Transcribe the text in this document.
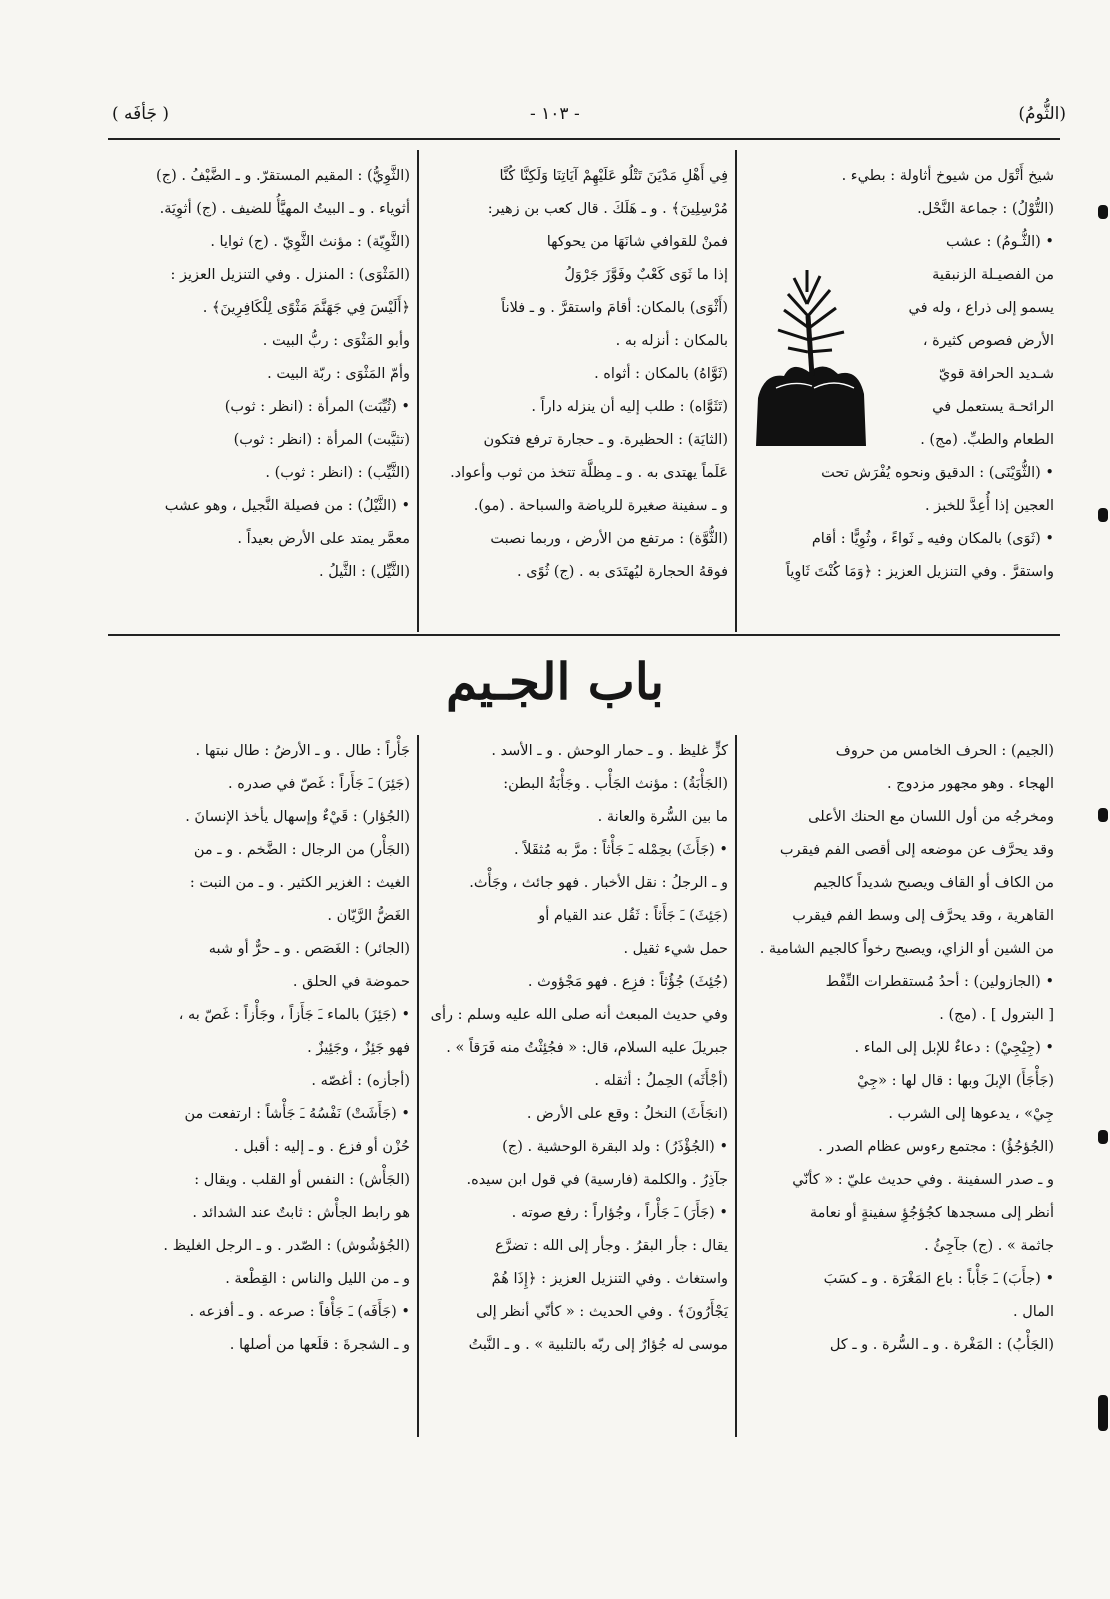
(الثُّومُ)
- ١٠٣ -
( جَأفَه )

شيخ أَتْوَل من شيوخ أثاولة : بطيء .

(التُّوْلُ) : جماعة النَّحْل.

• (الثُّـومُ) : عشب

من الفصيـلة الزنبقية

يسمو إلى ذراع ، وله في

الأرض فصوص كثيرة ،

شـديد الحرافة قويّ

الرائحـة يستعمل في

الطعام والطبِّ. (مج) .

• (الثُّوَيْنَى) : الدقيق ونحوه يُفْرَش تحت

العجين إذا أُعِدَّ للخبز .

• (ثَوَى) بالمكان وفيه ـِ ثَواءً ، وثُوِيًّا : أقام

واستقرَّ . وفي التنزيل العزيز : ﴿وَمَا كُنْتَ ثَاوِياً

فِي أَهْلِ مَدْيَنَ تَتْلُو عَلَيْهِمْ آيَاتِنَا وَلَكِنَّا كُنَّا

مُرْسِلِينَ﴾ . و ـ هَلَكَ . قال كعب بن زهير:

فمنْ للقوافي شانَهَا من يحوكها

إذا ما ثَوَى كَعْبٌ وفَوَّزَ جَرْوَلُ

(أَثْوَى) بالمكان: أقامَ واستقرَّ . و ـ فلاناً

بالمكان : أنزله به .

(ثَوَّاهُ) بالمكان : أثواه .

(تَثَوَّاه) : طلب إليه أن ينزله داراً .

(الثايَة) : الحظيرة. و ـ حجارة ترفع فتكون

عَلَماً يهتدى به . و ـ مِظلَّة تتخذ من ثوب وأعواد.

و ـ سفينة صغيرة للرياضة والسباحة . (مو).

(الثُّوَّة) : مرتفع من الأرض ، وربما نصبت

فوقهُ الحجارة ليُهتَدَى به . (ج) ثُوًى .

(الثَّوِيُّ) : المقيم المستقرّ. و ـ الضَّيْفُ . (ج)

أثوياء . و ـ البيتُ المهيَّأُ للضيف . (ج) أثوِيَة.

(الثَّوِيّة) : مؤنث الثَّوِيّ . (ج) ثوايا .

(المَثْوَى) : المنزل . وفي التنزيل العزيز :

﴿أَلَيْسَ فِي جَهَنَّمَ مَثْوًى لِلْكَافِرِينَ﴾ .

وأبو المَثْوَى : ربُّ البيت .

وأمّ المَثْوَى : ربّة البيت .

• (ثُيِّبَت) المرأة : (انظر : ثوب)

(تثيَّبت) المرأة : (انظر : ثوب)

(الثَّيِّب) : (انظر : ثوب) .

• (الثَّيْلُ) : من فصيلة النَّجيل ، وهو عشب

معمَّر يمتد على الأرض بعيداً .

(الثَّيِّل) : الثَّيلُ .

باب الجـيم

(الجيم) : الحرف الخامس من حروف

الهجاء . وهو مجهور مزدوج .

ومخرجُه من أول اللسان مع الحنك الأعلى

وقد يحرَّف عن موضعه إلى أقصى الفم فيقرب

من الكاف أو القاف ويصبح شديداً كالجيم

القاهرية ، وقد يحرَّف إلى وسط الفم فيقرب

من الشين أو الزاي، ويصبح رخواً كالجيم الشامية .

• (الجازولين) : أحدُ مُستقطرات النِّفْط

[ البترول ] . (مج) .

• (جِيْجِيْ) : دعاءٌ للإبل إلى الماء .

(جَأْجَأَ) الإبلَ وبها : قال لها : «جِيْ

جِيْ» ، يدعوها إلى الشرب .

(الجُؤجُؤُ) : مجتمع رءوس عظام الصدر .

و ـ صدر السفينة . وفي حديث عليّ : « كأنّي

أنظر إلى مسجدها كجُؤجُؤِ سفينةٍ أو نعامة

جاثمة » . (ج) جآجِئُ .

• (جأَبَ) ـَ جَأْباً : باع المَغْرَة . و ـ كسَبَ

المال .

(الجَأْبُ) : المَغْرة . و ـ السُّرة . و ـ كل

كزٍّ غليظ . و ـ حمار الوحش . و ـ الأسد .

(الجَأْبَةُ) : مؤنث الجَأْب . وجَأْبَةُ البطن:

ما بين السُّرة والعانة .

• (جَأَثَ) بحِمْله ـَ جَأْثاً : مرَّ به مُثقَلاً .

و ـ الرجلُ : نقل الأخبار . فهو جائث ، وجَأْث.

(جَئِثَ) ـَ جَأَثاً : ثَقُل عند القيام أو

حمل شيء ثقيل .

(جُئِثَ) جُؤُثاً : فزِع . فهو مَجْؤوث .

وفي حديث المبعث أنه صلى الله عليه وسلم : رأى

جبريلَ عليه السلام، قال: « فجُئِثْتُ منه فَرَقاً » .

(أجْأَثَه) الحِملُ : أثقله .

(انجَأَثَ) النخلُ : وقع على الأرض .

• (الجُؤْذَرُ) : ولد البقرة الوحشية . (ج)

جآذِرُ . والكلمة (فارسية) في قول ابن سيده.

• (جَأَرَ) ـَ جَأْراً ، وجُؤاراً : رفع صوته .

يقال : جأر البقرُ . وجأر إلى الله : تضرَّع

واستغاث . وفي التنزيل العزيز : ﴿إِذَا هُمْ

يَجْأَرُونَ﴾ . وفي الحديث : « كأنّي أنظر إلى

موسى له جُؤارٌ إلى ربّه بالتلبية » . و ـ النَّبتُ

جَأْراً : طال . و ـ الأرضُ : طال نبتها .

(جَئِرَ) ـَ جَأَراً : غَصّ في صدره .

(الجُؤار) : قَيْءٌ وإسهال يأخذ الإنسانَ .

(الجَأْر) من الرجال : الضَّخم . و ـ من

الغيث : الغزير الكثير . و ـ من النبت :

الغَضُّ الرَّيّان .

(الجائر) : الغَصَص . و ـ حرٌّ أو شبه

حموضة في الحلق .

• (جَئِزَ) بالماء ـَ جَأَزاً ، وجَأْزاً : غَصّ به ،

فهو جَئِزٌ ، وجَئِيزٌ .

(أجأزه) : أغصّه .

• (جَأَشَتْ) نَفْسُهُ ـَ جَأْشاً : ارتفعت من

حُزْن أو فزع . و ـ إليه : أقبل .

(الجَأْش) : النفس أو القلب . ويقال :

هو رابط الجأْش : ثابتٌ عند الشدائد .

(الجُؤشُوش) : الصّدر . و ـ الرجل الغليظ .

و ـ من الليل والناس : القِطْعة .

• (جَأَفَه) ـَ جَأْفاً : صرعه . و ـ أفزعه .

و ـ الشجرةَ : قلَعها من أصلها .
